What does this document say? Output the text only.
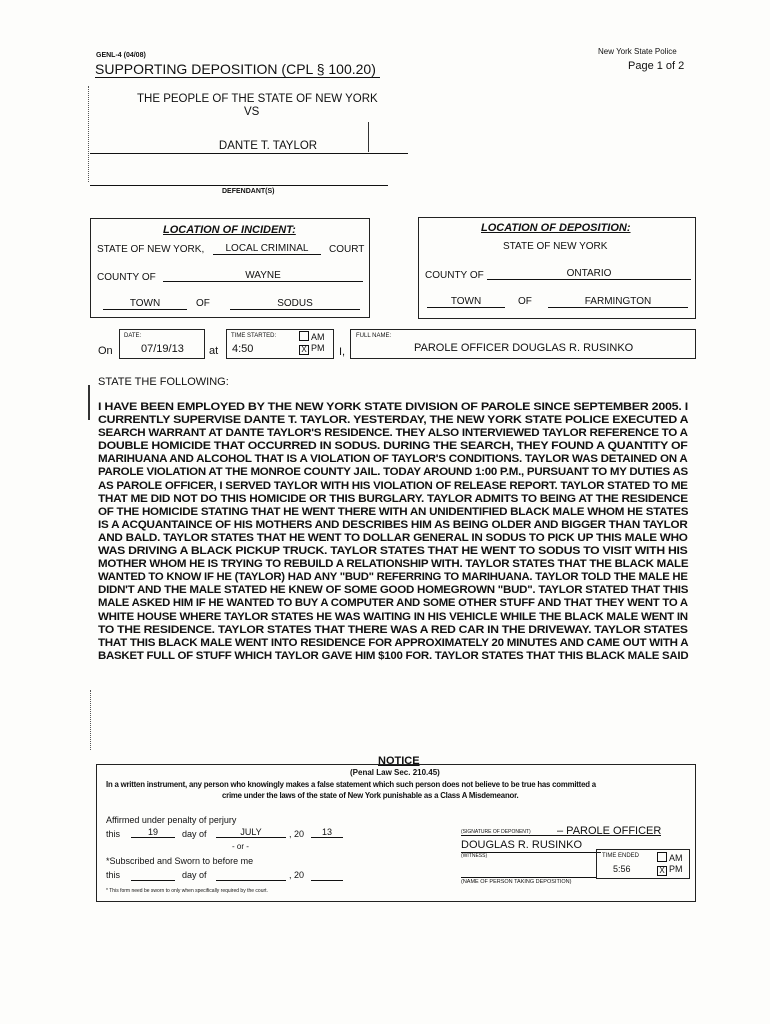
GENL-4 (04/08)
SUPPORTING DEPOSITION (CPL § 100.20)
New York State Police
Page 1 of 2
THE PEOPLE OF THE STATE OF NEW YORK
VS
DANTE T. TAYLOR
DEFENDANT(S)
LOCATION OF INCIDENT:
STATE OF NEW YORK,	LOCAL CRIMINAL	COURT
COUNTY OF	WAYNE
TOWN	OF	SODUS
LOCATION OF DEPOSITION:
STATE OF NEW YORK
COUNTY OF	ONTARIO
TOWN	OF	FARMINGTON
On
DATE:
07/19/13 at
TIME STARTED:
4:50
AM
X PM I,
FULL NAME:
PAROLE OFFICER DOUGLAS R. RUSINKO
STATE THE FOLLOWING:

I HAVE BEEN EMPLOYED BY THE NEW YORK STATE DIVISION OF PAROLE SINCE SEPTEMBER 2005. I

CURRENTLY SUPERVISE DANTE T. TAYLOR. YESTERDAY, THE NEW YORK STATE POLICE EXECUTED A

SEARCH WARRANT AT DANTE TAYLOR'S RESIDENCE. THEY ALSO INTERVIEWED TAYLOR REFERENCE TO A

DOUBLE HOMICIDE THAT OCCURRED IN SODUS. DURING THE SEARCH, THEY FOUND A QUANTITY OF

MARIHUANA AND ALCOHOL THAT IS A VIOLATION OF TAYLOR'S CONDITIONS. TAYLOR WAS DETAINED ON A

PAROLE VIOLATION AT THE MONROE COUNTY JAIL. TODAY AROUND 1:00 P.M., PURSUANT TO MY DUTIES AS

AS PAROLE OFFICER, I SERVED TAYLOR WITH HIS VIOLATION OF RELEASE REPORT. TAYLOR STATED TO ME

THAT ME DID NOT DO THIS HOMICIDE OR THIS BURGLARY. TAYLOR ADMITS TO BEING AT THE RESIDENCE

OF THE HOMICIDE STATING THAT HE WENT THERE WITH AN UNIDENTIFIED BLACK MALE WHOM HE STATES

IS A ACQUANTAINCE OF HIS MOTHERS AND DESCRIBES HIM AS BEING OLDER AND BIGGER THAN TAYLOR

AND BALD. TAYLOR STATES THAT HE WENT TO DOLLAR GENERAL IN SODUS TO PICK UP THIS MALE WHO

WAS DRIVING A BLACK PICKUP TRUCK. TAYLOR STATES THAT HE WENT TO SODUS TO VISIT WITH HIS

MOTHER WHOM HE IS TRYING TO REBUILD A RELATIONSHIP WITH. TAYLOR STATES THAT THE BLACK MALE

WANTED TO KNOW IF HE (TAYLOR) HAD ANY "BUD" REFERRING TO MARIHUANA. TAYLOR TOLD THE MALE HE

DIDN'T AND THE MALE STATED HE KNEW OF SOME GOOD HOMEGROWN "BUD". TAYLOR STATED THAT THIS

MALE ASKED HIM IF HE WANTED TO BUY A COMPUTER AND SOME OTHER STUFF AND THAT THEY WENT TO A

WHITE HOUSE WHERE TAYLOR STATES HE WAS WAITING IN HIS VEHICLE WHILE THE BLACK MALE WENT IN

TO THE RESIDENCE. TAYLOR STATES THAT THERE WAS A RED CAR IN THE DRIVEWAY. TAYLOR STATES

THAT THIS BLACK MALE WENT INTO RESIDENCE FOR APPROXIMATELY 20 MINUTES AND CAME OUT WITH A

BASKET FULL OF STUFF WHICH TAYLOR GAVE HIM $100 FOR. TAYLOR STATES THAT THIS BLACK MALE SAID

NOTICE
(Penal Law Sec. 210.45)
In a written instrument, any person who knowingly makes a false statement which such person does not believe to be true has committed a
crime under the laws of the state of New York punishable as a Class A Misdemeanor.
Affirmed under penalty of perjury
this	19	day of	JULY	, 20	13
- or -
*Subscribed and Sworn to before me
this	day of	, 20
* This form need be sworn to only when specifically required by the court.
(SIGNATURE OF DEPONENT) – PAROLE OFFICER
DOUGLAS R. RUSINKO
(WITNESS)	TIME ENDED
5:56
AM
X PM
(NAME OF PERSON TAKING DEPOSITION)
